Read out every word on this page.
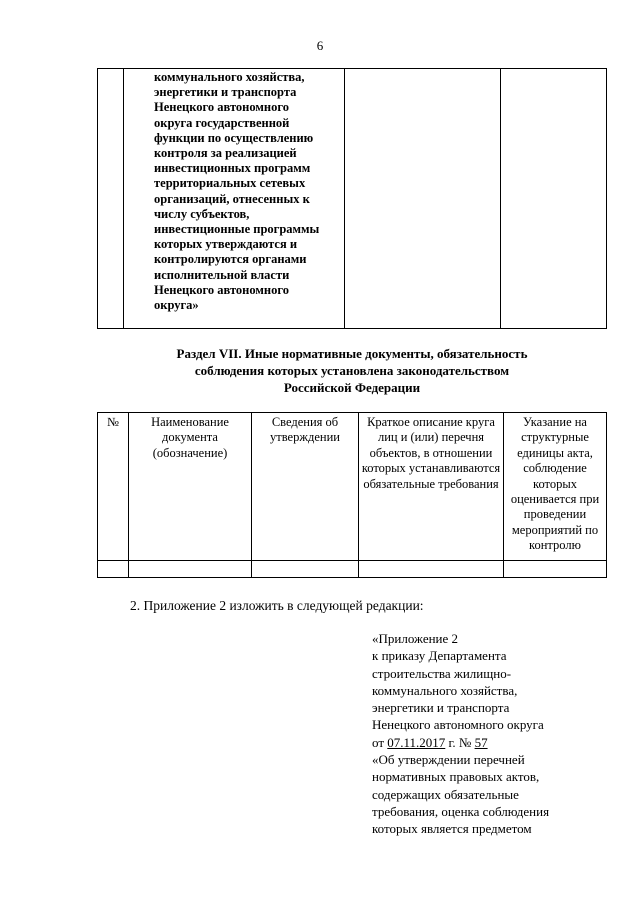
6

коммунального хозяйства,
энергетики и транспорта
Ненецкого автономного
округа государственной
функции по осуществлению
контроля за реализацией
инвестиционных программ
территориальных сетевых
организаций, отнесенных к
числу субъектов,
инвестиционные программы
которых утверждаются и
контролируются органами
исполнительной власти
Ненецкого автономного
округа»

Раздел VII. Иные нормативные документы, обязательность
соблюдения которых установлена законодательством
Российской Федерации
№	Наименование документа (обозначение)	Сведения об утверждении	Краткое описание круга лиц и (или) перечня объектов, в отношении которых устанавливаются обязательные требования	Указание на структурные единицы акта, соблюдение которых оценивается при проведении мероприятий по контролю

2. Приложение 2 изложить в следующей редакции:
«Приложение 2
к приказу Департамента
строительства жилищно-
коммунального хозяйства,
энергетики и транспорта
Ненецкого автономного округа
от 07.11.2017 г. № 57
«Об утверждении перечней
нормативных правовых актов,
содержащих обязательные
требования, оценка соблюдения
которых является предметом
